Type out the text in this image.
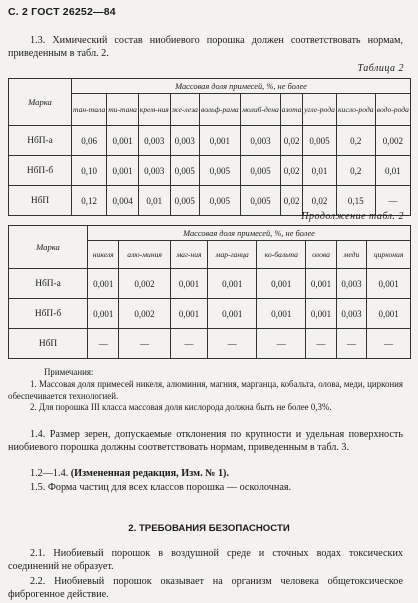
С. 2 ГОСТ 26252—84
1.3. Химический состав ниобиевого порошка должен соответствовать нормам, приведенным в табл. 2.
Таблица 2
Марка	Массовая доля примесей, %, не более									
	тан-тала	ти-тана	крем-ния	же-леза	вольф-рама	молиб-дена	азота	угле-рода	кисло-рода	водо-рода
НбП-а	0,06	0,001	0,003	0,003	0,001	0,003	0,02	0,005	0,2	0,002
НбП-б	0,10	0,001	0,003	0,005	0,005	0,005	0,02	0,01	0,2	0,01
НбП	0,12	0,004	0,01	0,005	0,005	0,005	0,02	0,02	0,15	—
Продолжение табл. 2
Марка	Массовая доля примесей, %, не более							
	никеля	алю-миния	маг-ния	мар-ганца	ко-бальта	олова	меди	циркония
НбП-а	0,001	0,002	0,001	0,001	0,001	0,001	0,003	0,001
НбП-б	0,001	0,002	0,001	0,001	0,001	0,001	0,003	0,001
НбП	—	—	—	—	—	—	—	—
Примечания:
1. Массовая доля примесей никеля, алюминия, магния, марганца, кобальта, олова, меди, циркония обеспечивается технологией.
2. Для порошка III класса массовая доля кислорода должна быть не более 0,3%.
1.4. Размер зерен, допускаемые отклонения по крупности и удельная поверхность ниобиевого порошка должны соответствовать нормам, приведенным в табл. 3.
1.2—1.4. (Измененная редакция, Изм. № 1).
1.5. Форма частиц для всех классов порошка — осколочная.
2. ТРЕБОВАНИЯ БЕЗОПАСНОСТИ
2.1. Ниобиевый порошок в воздушной среде и сточных водах токсических соединений не образует.
2.2. Ниобиевый порошок оказывает на организм человека общетоксическое фиброгенное действие.
